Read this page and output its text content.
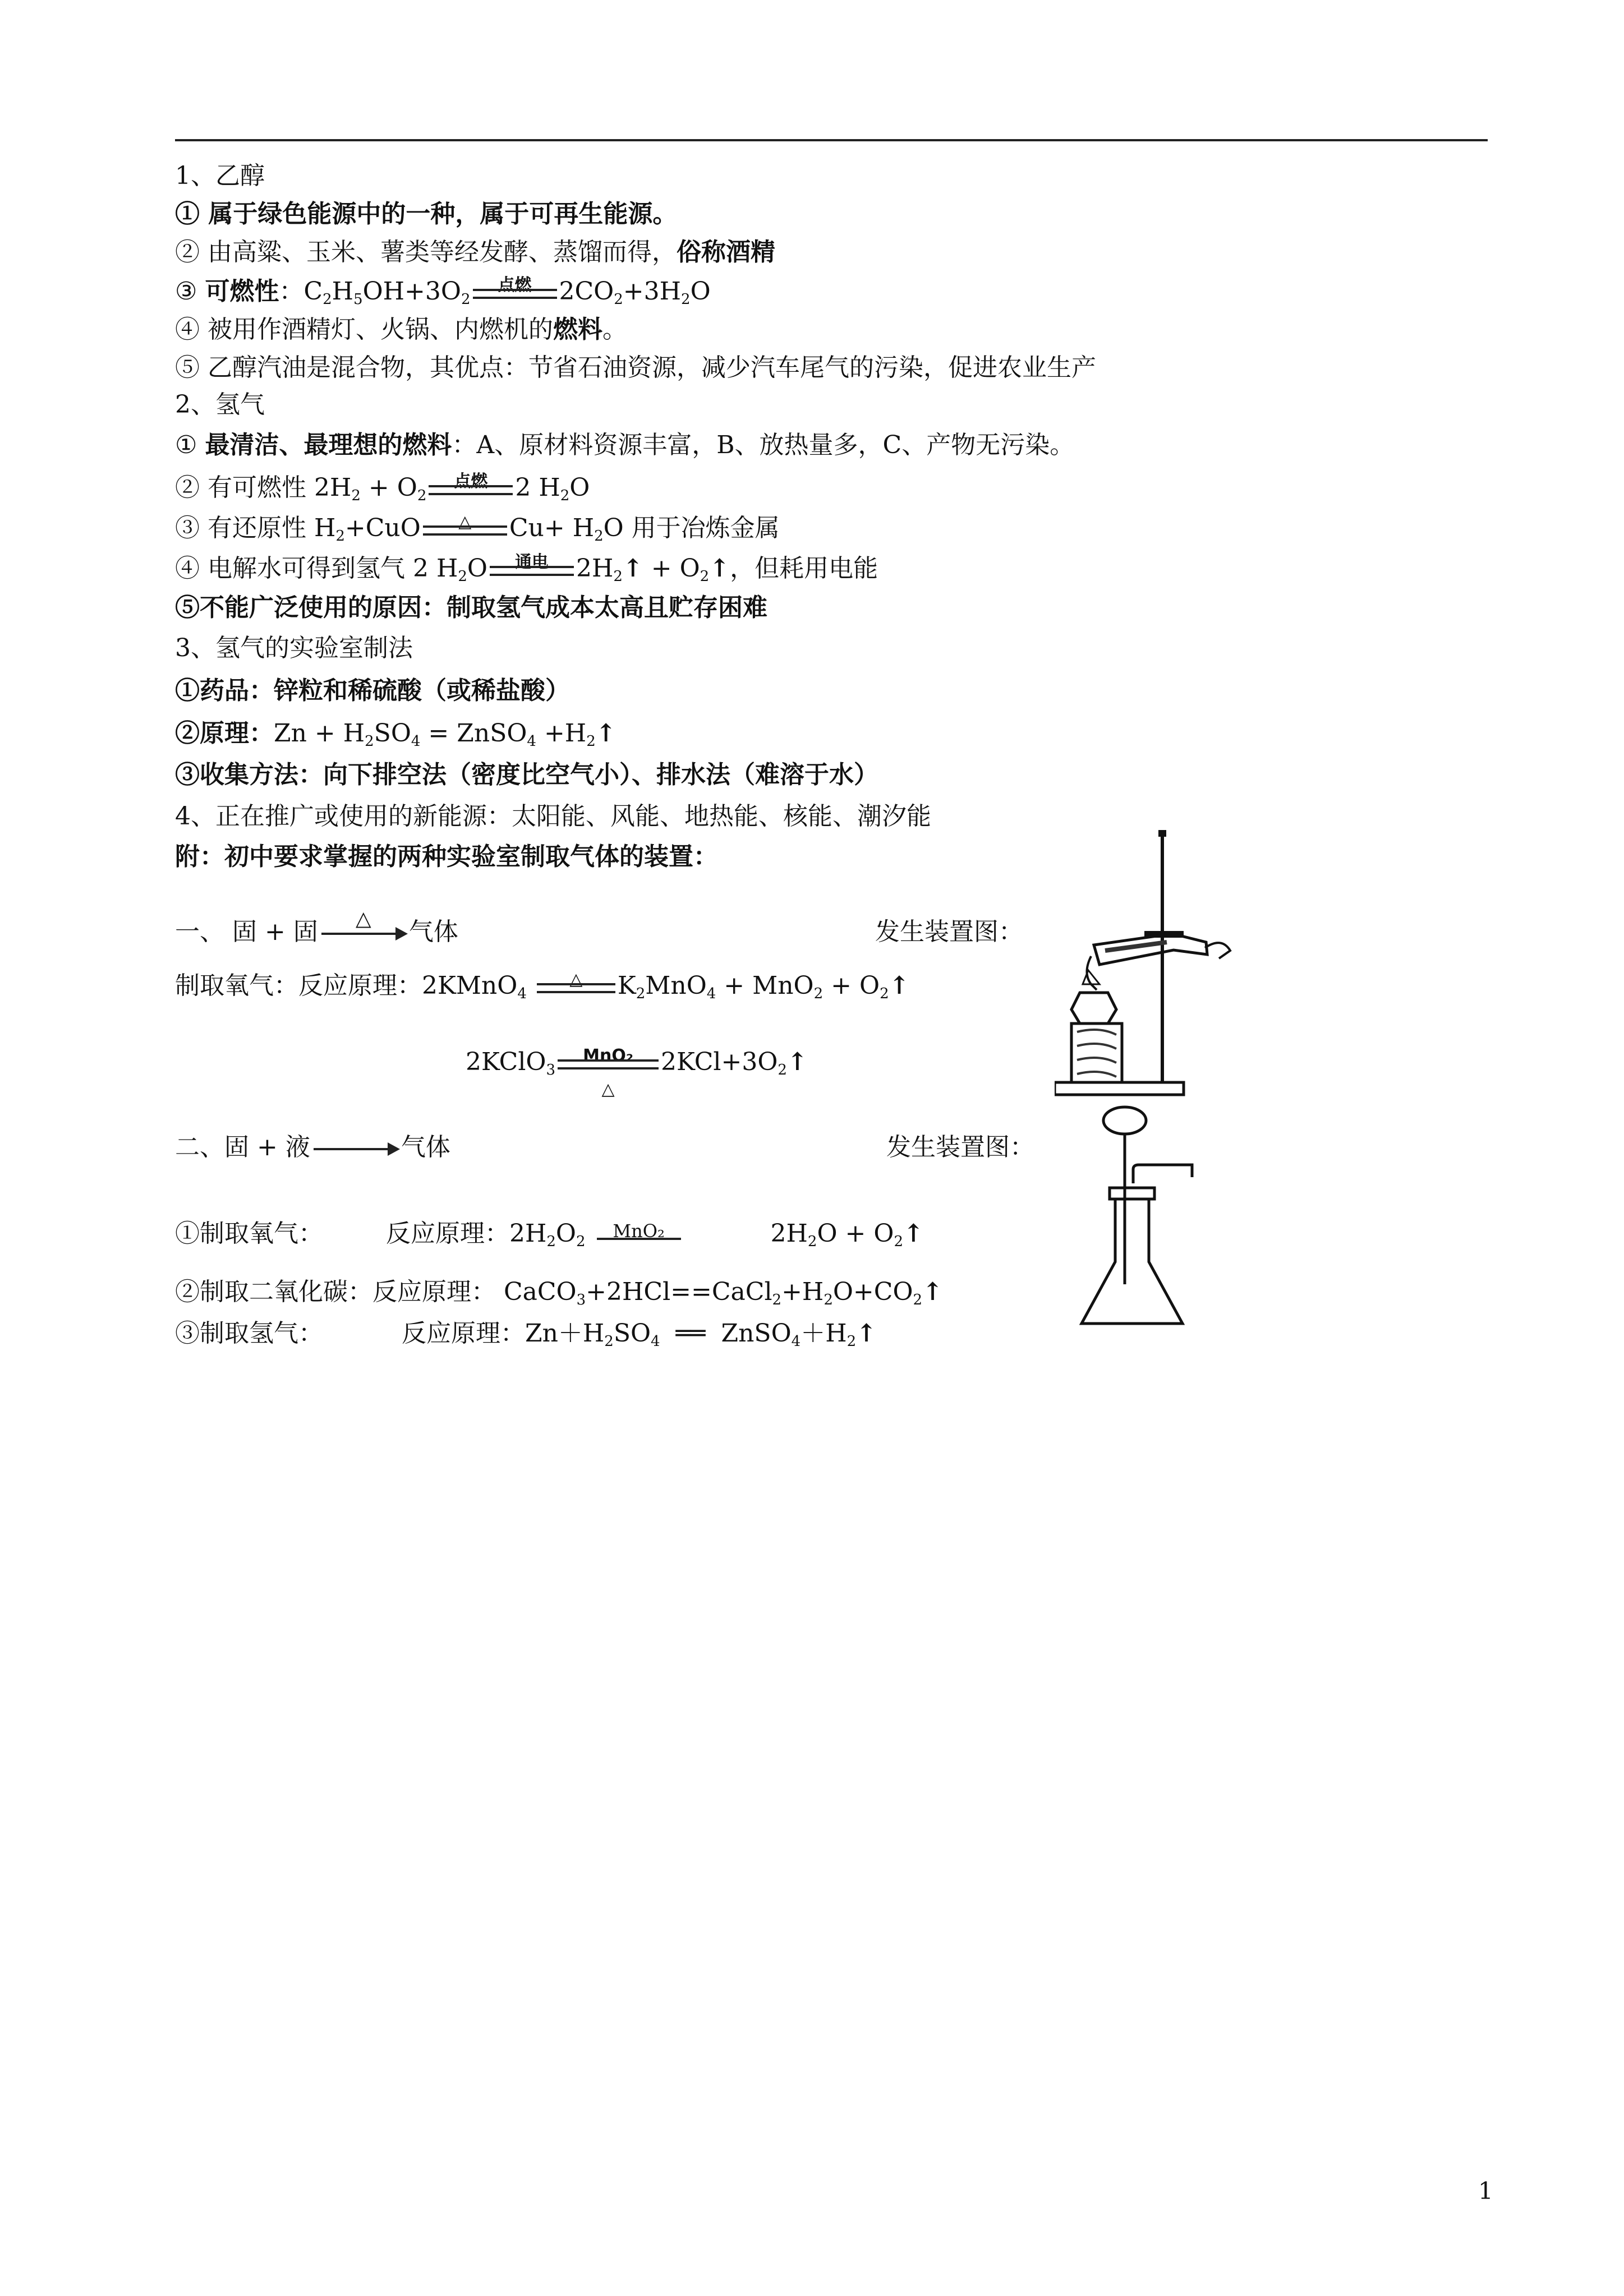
1、乙醇
① 属于绿色能源中的一种，属于可再生能源。
② 由高粱、玉米、薯类等经发酵、蒸馏而得，俗称酒精
③ 可燃性：$C_2H_5OH+3O_2$
点燃	$2CO_2+3H_2O$
④ 被用作酒精灯、火锅、内燃机的燃料。
⑤ 乙醇汽油是混合物，其优点：节省石油资源，减少汽车尾气的污染，促进农业生产
2、氢气
① 最清洁、最理想的燃料：A、原材料资源丰富，B、放热量多，C、产物无污染。
② 有可燃性 $2H_2 + O_2$
点燃	2 $H_2O$
③ 有还原性 $H_2+CuO$	△	$Cu+ H_2O$ 用于冶炼金属
④ 电解水可得到氢气 2 $H_2O$	通电	$2H_2↑$ + $O_2↑$，但耗用电能
⑤不能广泛使用的原因：制取氢气成本太高且贮存困难
3、氢气的实验室制法
①药品：锌粒和稀硫酸（或稀盐酸）
②原理：$Zn + H_2SO_4$ = ZnSO$_4$ $+H_2↑$
③收集方法：向下排空法（密度比空气小）、排水法（难溶于水）
4、正在推广或使用的新能源：太阳能、风能、地热能、核能、潮汐能
附：初中要求掌握的两种实验室制取气体的装置：
一、 固 + 固	△	气体	发生装置图：
制取氧气：反应原理：2KMnO$_4$
△	$K_2MnO_4 + MnO_2$ + $O_2↑$
2KClO$_3$
MnO₂
△
$2KCl+3O_2↑$
二、固 + 液 → 气体	发生装置图：
①制取氧气：	反应原理：$2H_2O_2$
MnO₂	$2H_2O$ + $O_2↑$
②制取二氧化碳：反应原理： $CaCO_3+2HCl==CaCl_2+H_2O+CO_2↑$
③制取氢气：	反应原理：$Zn+H_2SO_4$  ══  $ZnSO_4+H_2↑$
1
